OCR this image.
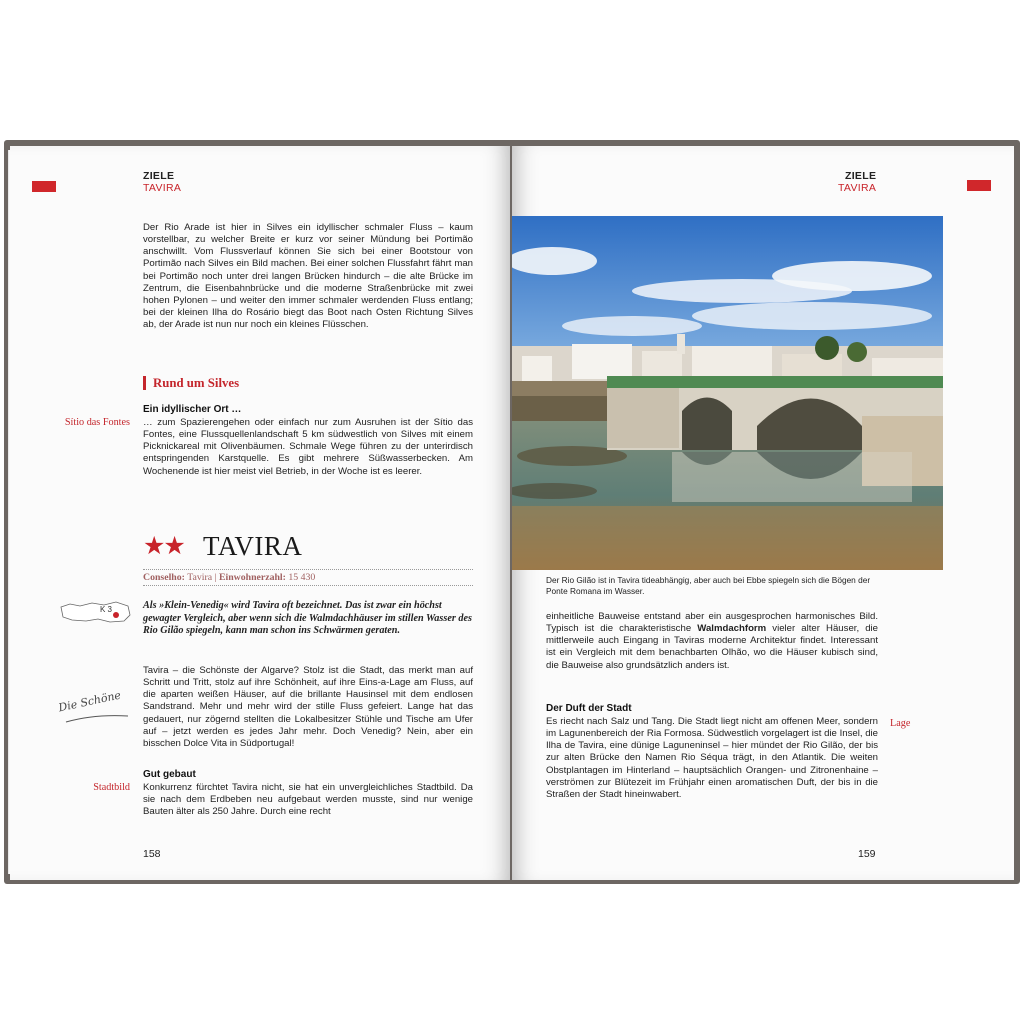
ZIELE
TAVIRA
Der Rio Arade ist hier in Silves ein idyllischer schmaler Fluss – kaum vorstellbar, zu welcher Breite er kurz vor seiner Mündung bei Portimão anschwillt. Vom Flussverlauf können Sie sich bei einer Bootstour von Portimão nach Silves ein Bild machen. Bei einer solchen Flussfahrt fährt man bei Portimão noch unter drei langen Brücken hindurch – die alte Brücke im Zentrum, die Eisenbahnbrücke und die moderne Straßenbrücke mit zwei hohen Pylonen – und weiter den immer schmaler werdenden Fluss entlang; bei der kleinen Ilha do Rosário biegt das Boot nach Osten Richtung Silves ab, der Arade ist nun nur noch ein kleines Flüsschen.
Rund um Silves
Ein idyllischer Ort …
Sítio das Fontes … zum Spazierengehen oder einfach nur zum Ausruhen ist der Sítio das Fontes, eine Flussquellenlandschaft 5 km südwestlich von Silves mit einem Picknickareal mit Olivenbäumen. Schmale Wege führen zu der unterirdisch entspringenden Karstquelle. Es gibt mehrere Süßwasserbecken. Am Wochenende ist hier meist viel Betrieb, in der Woche ist es leerer.
★★ TAVIRA
Conselho: Tavira | Einwohnerzahl: 15 430
K 3	Als »Klein-Venedig« wird Tavira oft bezeichnet. Das ist zwar ein höchst gewagter Vergleich, aber wenn sich die Walmdachhäuser im stillen Wasser des Rio Gilão spiegeln, kann man schon ins Schwärmen geraten.
Die Schöne
Tavira – die Schönste der Algarve? Stolz ist die Stadt, das merkt man auf Schritt und Tritt, stolz auf ihre Schönheit, auf ihre Eins-a-Lage am Fluss, auf die aparten weißen Häuser, auf die brillante Hausinsel mit dem endlosen Sandstrand. Mehr und mehr wird der stille Fluss gefeiert. Lange hat das gedauert, nur zögernd stellten die Lokalbesitzer Stühle und Tische am Ufer auf – jetzt werden es jedes Jahr mehr. Doch Venedig? Nein, aber ein bisschen Dolce Vita in Südportugal!
Gut gebaut
Stadtbild Konkurrenz fürchtet Tavira nicht, sie hat ein unvergleichliches Stadtbild. Da sie nach dem Erdbeben neu aufgebaut werden musste, sind nur wenige Bauten älter als 250 Jahre. Durch eine recht
158
ZIELE
TAVIRA
Der Rio Gilão ist in Tavira tideabhängig, aber auch bei Ebbe spiegeln sich die Bögen der Ponte Romana im Wasser.
einheitliche Bauweise entstand aber ein ausgesprochen harmonisches Bild. Typisch ist die charakteristische Walmdachform vieler alter Häuser, die mittlerweile auch Eingang in Taviras moderne Architektur findet. Interessant ist ein Vergleich mit dem benachbarten Olhão, wo die Häuser kubisch sind, die Bauweise also grundsätzlich anders ist.
Der Duft der Stadt
Lage
Es riecht nach Salz und Tang. Die Stadt liegt nicht am offenen Meer, sondern im Lagunenbereich der Ria Formosa. Südwestlich vorgelagert ist die Insel, die Ilha de Tavira, eine dünige Laguneninsel – hier mündet der Rio Gilão, der bis zur alten Brücke den Namen Rio Séqua trägt, in den Atlantik. Die weiten Obstplantagen im Hinterland – hauptsächlich Orangen- und Zitronenhaine – verströmen zur Blütezeit im Frühjahr einen aromatischen Duft, der bis in die Straßen der Stadt hineinwabert.
159
